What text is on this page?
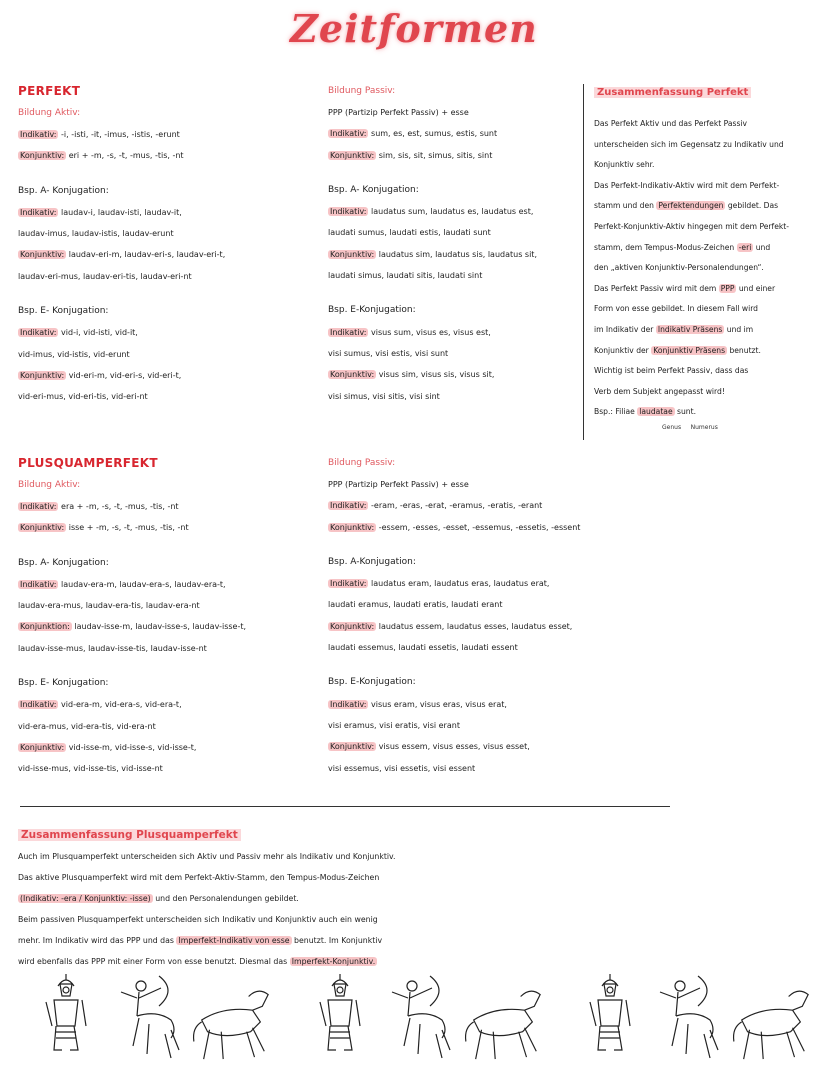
Zeitformen
PERFEKT
Bildung Aktiv:
Indikativ: -i, -isti, -it, -imus, -istis, -erunt
Konjunktiv: eri + -m, -s, -t, -mus, -tis, -nt
Bsp. A- Konjugation:
Indikativ: laudav-i, laudav-isti, laudav-it,
laudav-imus, laudav-istis, laudav-erunt
Konjunktiv: laudav-eri-m, laudav-eri-s, laudav-eri-t,
laudav-eri-mus, laudav-eri-tis, laudav-eri-nt
Bsp. E- Konjugation:
Indikativ: vid-i, vid-isti, vid-it,
vid-imus, vid-istis, vid-erunt
Konjunktiv: vid-eri-m, vid-eri-s, vid-eri-t,
vid-eri-mus, vid-eri-tis, vid-eri-nt
Bildung Passiv:
PPP (Partizip Perfekt Passiv) + esse
Indikativ: sum, es, est, sumus, estis, sunt
Konjunktiv: sim, sis, sit, simus, sitis, sint
Bsp. A- Konjugation:
Indikativ: laudatus sum, laudatus es, laudatus est,
laudati sumus, laudati estis, laudati sunt
Konjunktiv: laudatus sim, laudatus sis, laudatus sit,
laudati simus, laudati sitis, laudati sint
Bsp. E-Konjugation:
Indikativ: visus sum, visus es, visus est,
visi sumus, visi estis, visi sunt
Konjunktiv: visus sim, visus sis, visus sit,
visi simus, visi sitis, visi sint
Zusammenfassung Perfekt
Das Perfekt Aktiv und das Perfekt Passiv
unterscheiden sich im Gegensatz zu Indikativ und
Konjunktiv sehr.
Das Perfekt-Indikativ-Aktiv wird mit dem Perfekt-
stamm und den Perfektendungen gebildet. Das
Perfekt-Konjunktiv-Aktiv hingegen mit dem Perfekt-
stamm, dem Tempus-Modus-Zeichen -eri und
den „aktiven Konjunktiv-Personalendungen“.
Das Perfekt Passiv wird mit dem PPP und einer
Form von esse gebildet. In diesem Fall wird
im Indikativ der Indikativ Präsens und im
Konjunktiv der Konjunktiv Präsens benutzt.
Wichtig ist beim Perfekt Passiv, dass das
Verb dem Subjekt angepasst wird!
Bsp.: Filiae laudatae sunt.
Genus Numerus
PLUSQUAMPERFEKT
Bildung Aktiv:
Indikativ: era + -m, -s, -t, -mus, -tis, -nt
Konjunktiv: isse + -m, -s, -t, -mus, -tis, -nt
Bsp. A- Konjugation:
Indikativ: laudav-era-m, laudav-era-s, laudav-era-t,
laudav-era-mus, laudav-era-tis, laudav-era-nt
Konjunktion: laudav-isse-m, laudav-isse-s, laudav-isse-t,
laudav-isse-mus, laudav-isse-tis, laudav-isse-nt
Bsp. E- Konjugation:
Indikativ: vid-era-m, vid-era-s, vid-era-t,
vid-era-mus, vid-era-tis, vid-era-nt
Konjunktiv: vid-isse-m, vid-isse-s, vid-isse-t,
vid-isse-mus, vid-isse-tis, vid-isse-nt
Bildung Passiv:
PPP (Partizip Perfekt Passiv) + esse
Indikativ: -eram, -eras, -erat, -eramus, -eratis, -erant
Konjunktiv: -essem, -esses, -esset, -essemus, -essetis, -essent
Bsp. A-Konjugation:
Indikativ: laudatus eram, laudatus eras, laudatus erat,
laudati eramus, laudati eratis, laudati erant
Konjunktiv: laudatus essem, laudatus esses, laudatus esset,
laudati essemus, laudati essetis, laudati essent
Bsp. E-Konjugation:
Indikativ: visus eram, visus eras, visus erat,
visi eramus, visi eratis, visi erant
Konjunktiv: visus essem, visus esses, visus esset,
visi essemus, visi essetis, visi essent
Zusammenfassung Plusquamperfekt
Auch im Plusquamperfekt unterscheiden sich Aktiv und Passiv mehr als Indikativ und Konjunktiv.
Das aktive Plusquamperfekt wird mit dem Perfekt-Aktiv-Stamm, den Tempus-Modus-Zeichen
(Indikativ: -era / Konjunktiv: -isse) und den Personalendungen gebildet.
Beim passiven Plusquamperfekt unterscheiden sich Indikativ und Konjunktiv auch ein wenig
mehr. Im Indikativ wird das PPP und das Imperfekt-Indikativ von esse benutzt. Im Konjunktiv
wird ebenfalls das PPP mit einer Form von esse benutzt. Diesmal das Imperfekt-Konjunktiv.
